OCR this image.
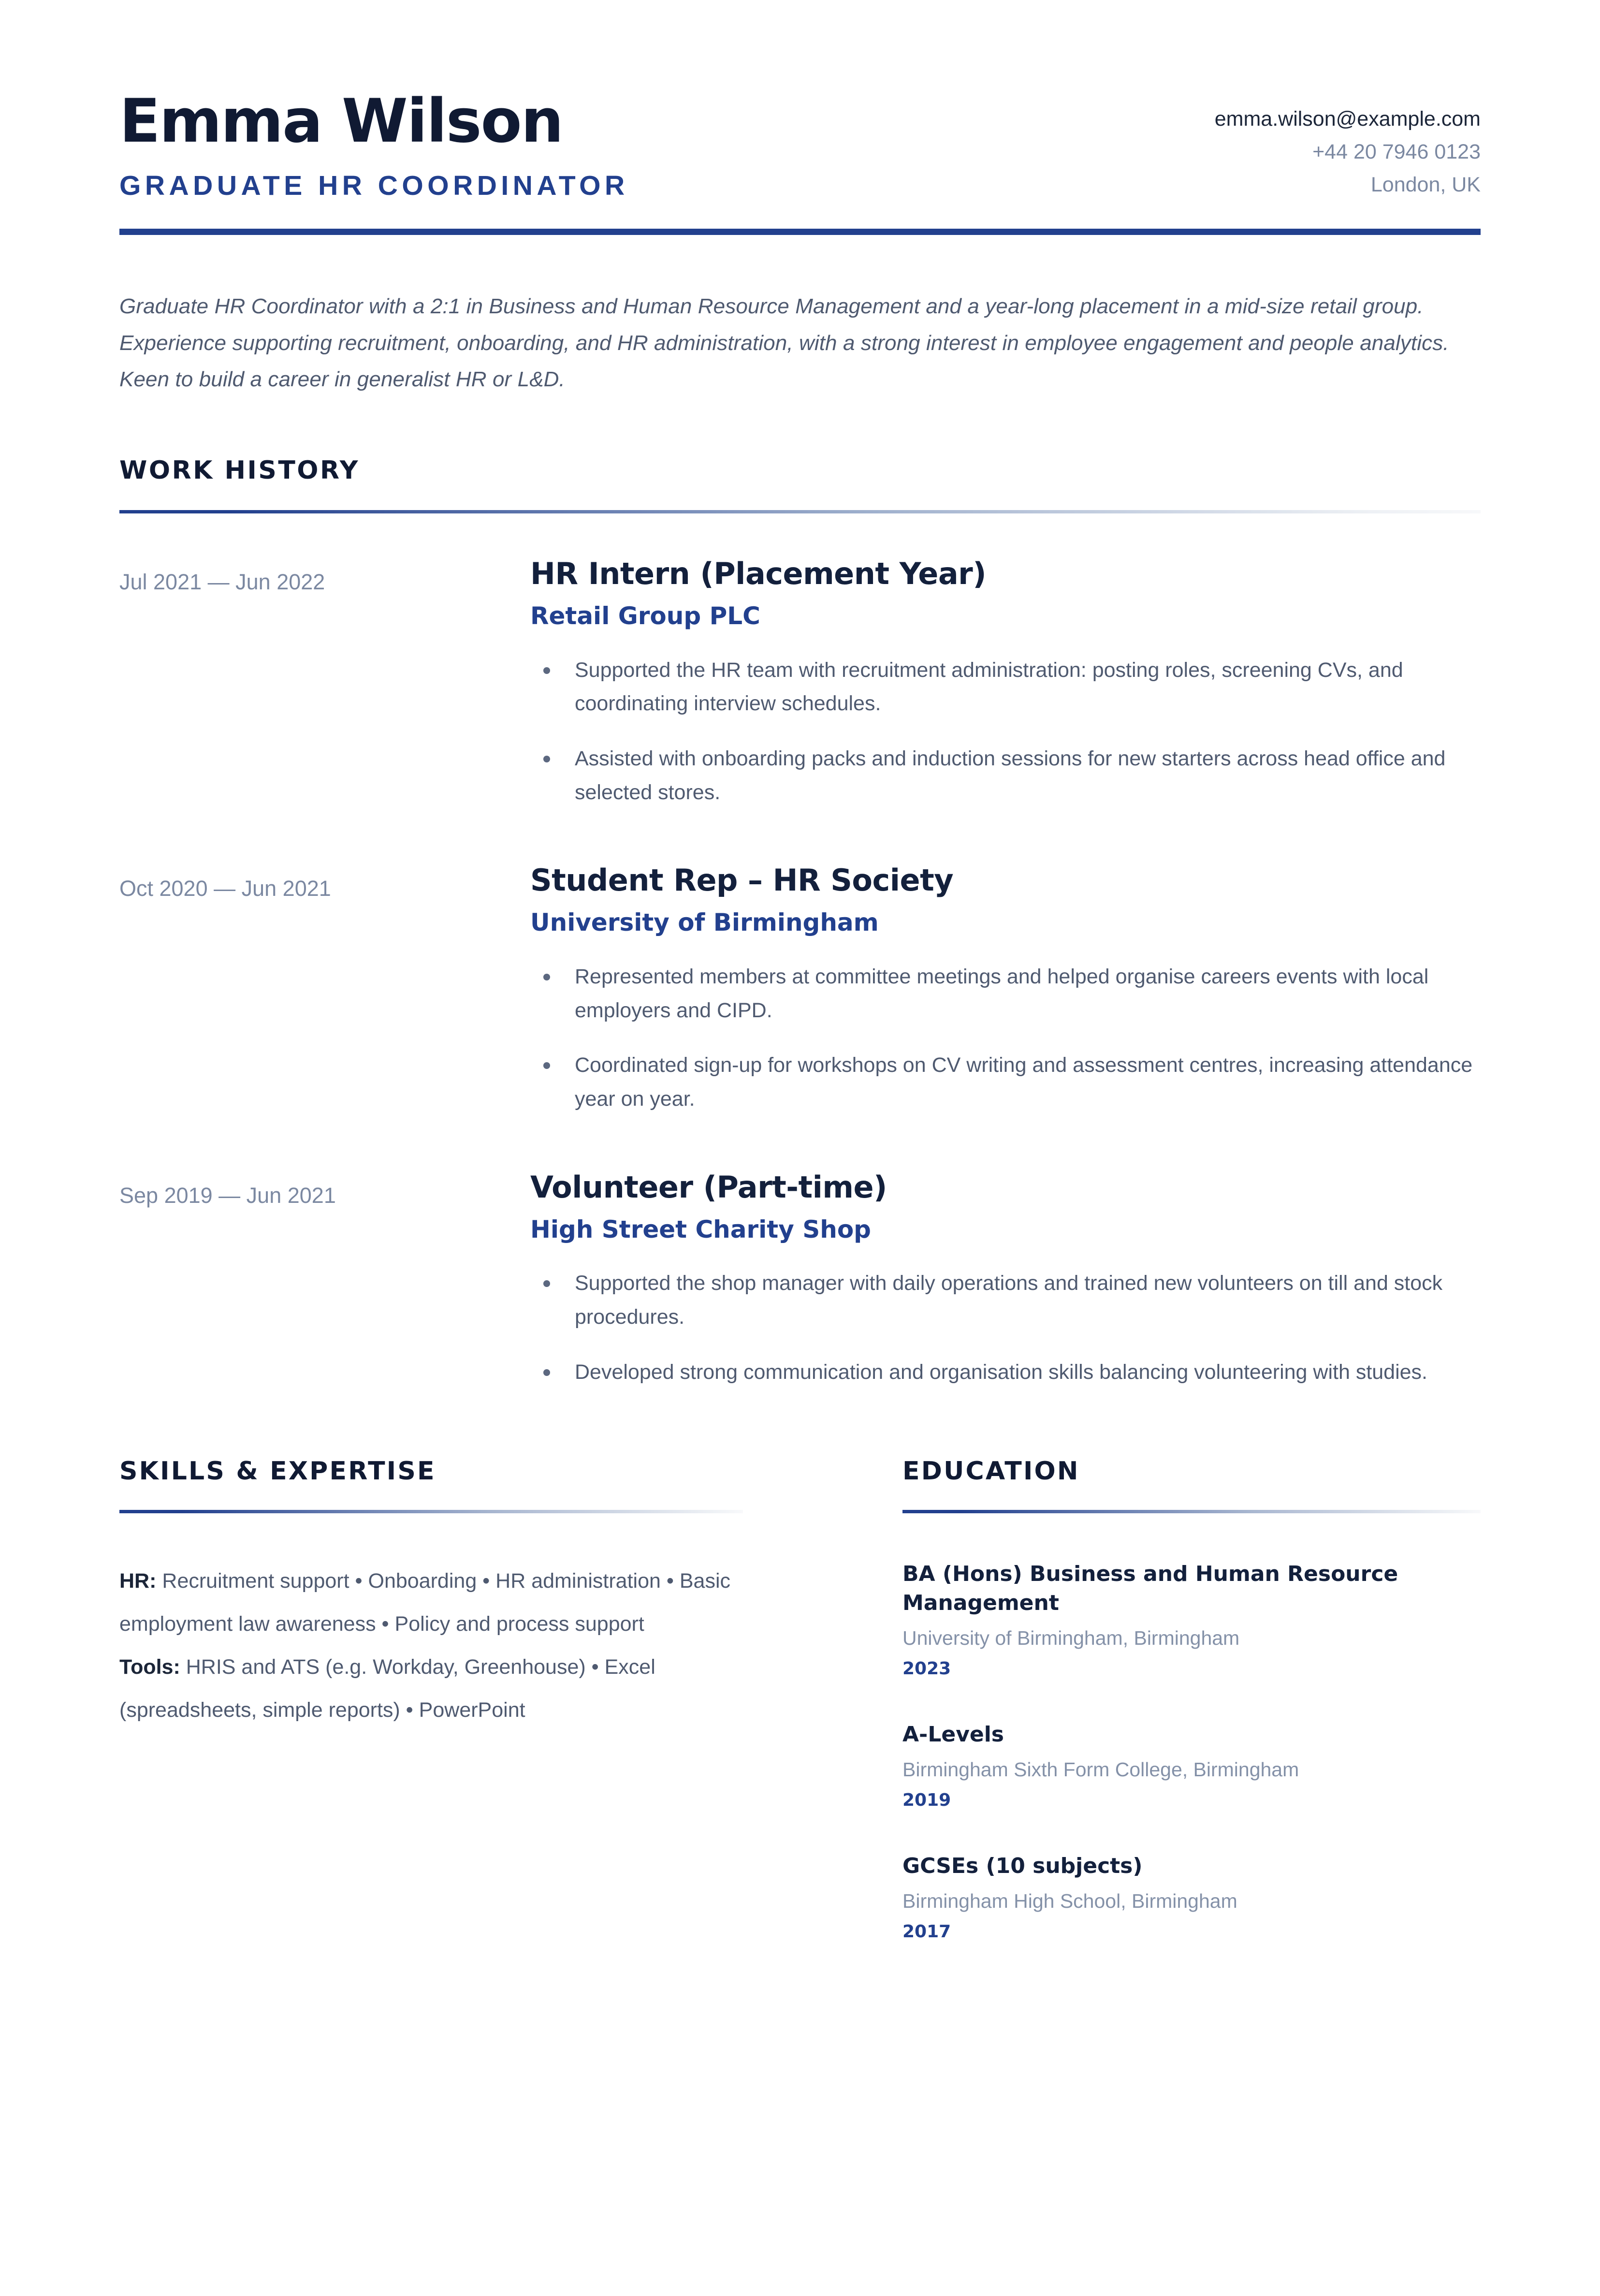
Emma Wilson
GRADUATE HR COORDINATOR
emma.wilson@example.com
+44 20 7946 0123
London, UK
Graduate HR Coordinator with a 2:1 in Business and Human Resource Management and a year-long placement in a mid-size retail group. Experience supporting recruitment, onboarding, and HR administration, with a strong interest in employee engagement and people analytics. Keen to build a career in generalist HR or L&D.
WORK HISTORY
Jul 2021 — Jun 2022	HR Intern (Placement Year)
Retail Group PLC
Supported the HR team with recruitment administration: posting roles, screening CVs, and coordinating interview schedules.
Assisted with onboarding packs and induction sessions for new starters across head office and selected stores.
Oct 2020 — Jun 2021	Student Rep – HR Society
University of Birmingham
Represented members at committee meetings and helped organise careers events with local employers and CIPD.
Coordinated sign-up for workshops on CV writing and assessment centres, increasing attendance year on year.
Sep 2019 — Jun 2021	Volunteer (Part-time)
High Street Charity Shop
Supported the shop manager with daily operations and trained new volunteers on till and stock procedures.
Developed strong communication and organisation skills balancing volunteering with studies.
SKILLS & EXPERTISE
HR: Recruitment support • Onboarding • HR administration • Basic employment law awareness • Policy and process support
Tools: HRIS and ATS (e.g. Workday, Greenhouse) • Excel (spreadsheets, simple reports) • PowerPoint
EDUCATION
BA (Hons) Business and Human Resource Management
University of Birmingham, Birmingham
2023
A-Levels
Birmingham Sixth Form College, Birmingham
2019
GCSEs (10 subjects)
Birmingham High School, Birmingham
2017
